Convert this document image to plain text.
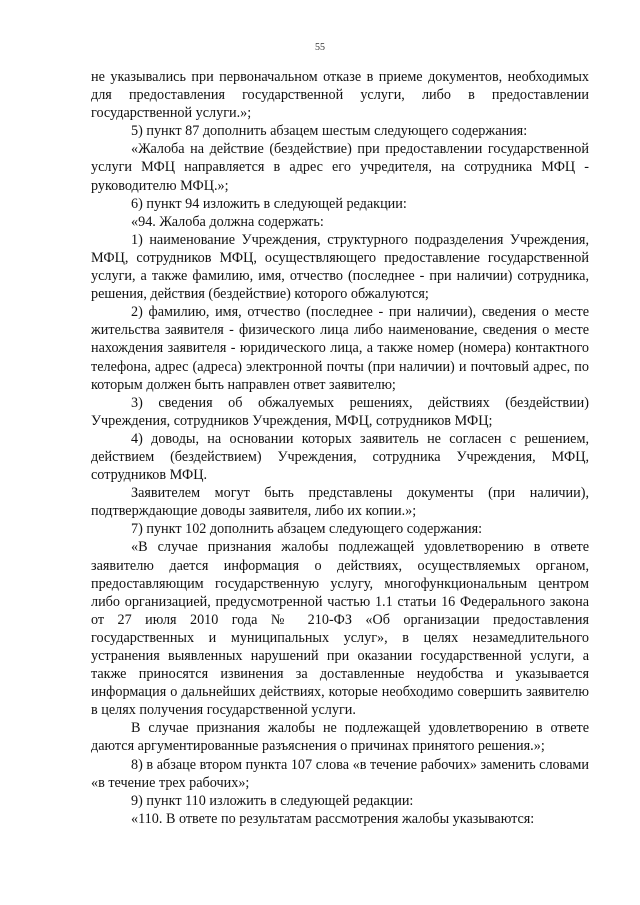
55

не указывались при первоначальном отказе в приеме документов, необходимых для предоставления государственной услуги, либо в предоставлении государственной услуги.»;

5) пункт 87 дополнить абзацем шестым следующего содержания:

«Жалоба на действие (бездействие) при предоставлении государственной услуги МФЦ направляется в адрес его учредителя, на сотрудника МФЦ - руководителю МФЦ.»;

6) пункт 94 изложить в следующей редакции:

«94. Жалоба должна содержать:

1) наименование Учреждения, структурного подразделения Учреждения, МФЦ, сотрудников МФЦ, осуществляющего предоставление государственной услуги, а также фамилию, имя, отчество (последнее - при наличии) сотрудника, решения, действия (бездействие) которого обжалуются;

2) фамилию, имя, отчество (последнее - при наличии), сведения о месте жительства заявителя - физического лица либо наименование, сведения о месте нахождения заявителя - юридического лица, а также номер (номера) контактного телефона, адрес (адреса) электронной почты (при наличии) и почтовый адрес, по которым должен быть направлен ответ заявителю;

3) сведения об обжалуемых решениях, действиях (бездействии) Учреждения, сотрудников Учреждения, МФЦ, сотрудников МФЦ;

4) доводы, на основании которых заявитель не согласен с решением, действием (бездействием) Учреждения, сотрудника Учреждения, МФЦ, сотрудников МФЦ.

Заявителем могут быть представлены документы (при наличии), подтверждающие доводы заявителя, либо их копии.»;

7) пункт 102 дополнить абзацем следующего содержания:

«В случае признания жалобы подлежащей удовлетворению в ответе заявителю дается информация о действиях, осуществляемых органом, предоставляющим государственную услугу, многофункциональным центром либо организацией, предусмотренной частью 1.1 статьи 16 Федерального закона от 27 июля 2010 года № 210-ФЗ «Об организации предоставления государственных и муниципальных услуг», в целях незамедлительного устранения выявленных нарушений при оказании государственной услуги, а также приносятся извинения за доставленные неудобства и указывается информация о дальнейших действиях, которые необходимо совершить заявителю в целях получения государственной услуги.

В случае признания жалобы не подлежащей удовлетворению в ответе даются аргументированные разъяснения о причинах принятого решения.»;

8) в абзаце втором пункта 107 слова «в течение рабочих» заменить словами «в течение трех рабочих»;

9) пункт 110 изложить в следующей редакции:

«110. В ответе по результатам рассмотрения жалобы указываются:
